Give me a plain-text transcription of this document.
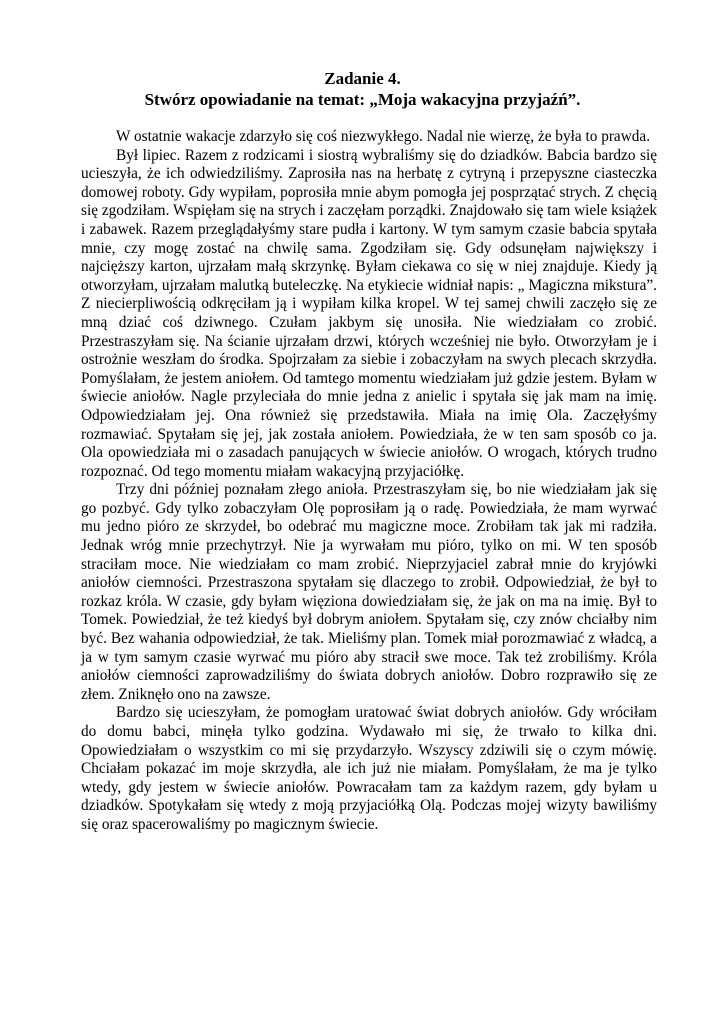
Zadanie 4.
Stwórz opowiadanie na temat: „Moja wakacyjna przyjaźń”.

W ostatnie wakacje zdarzyło się coś niezwykłego. Nadal nie wierzę, że była to prawda.

Był lipiec. Razem z rodzicami i siostrą wybraliśmy się do dziadków. Babcia bardzo się ucieszyła, że ich odwiedziliśmy. Zaprosiła nas na herbatę z cytryną i przepyszne ciasteczka domowej roboty. Gdy wypiłam, poprosiła mnie abym pomogła jej posprzątać strych. Z chęcią się zgodziłam. Wspięłam się na strych i zaczęłam porządki. Znajdowało się tam wiele książek i zabawek. Razem przeglądałyśmy stare pudła i kartony. W tym samym czasie babcia spytała mnie, czy mogę zostać na chwilę sama. Zgodziłam się. Gdy odsunęłam największy i najcięższy karton, ujrzałam małą skrzynkę. Byłam ciekawa co się w niej znajduje. Kiedy ją otworzyłam, ujrzałam malutką buteleczkę. Na etykiecie widniał napis: „ Magiczna mikstura”. Z niecierpliwością odkręciłam ją i wypiłam kilka kropel. W tej samej chwili zaczęło się ze mną dziać coś dziwnego. Czułam jakbym się unosiła. Nie wiedziałam co zrobić. Przestraszyłam się. Na ścianie ujrzałam drzwi, których wcześniej nie było. Otworzyłam je i ostrożnie weszłam do środka. Spojrzałam za siebie i zobaczyłam na swych plecach skrzydła. Pomyślałam, że jestem aniołem. Od tamtego momentu wiedziałam już gdzie jestem. Byłam w świecie aniołów. Nagle przyleciała do mnie jedna z anielic i spytała się jak mam na imię. Odpowiedziałam jej. Ona również się przedstawiła. Miała na imię Ola. Zaczęłyśmy rozmawiać. Spytałam się jej, jak została aniołem. Powiedziała, że w ten sam sposób co ja. Ola opowiedziała mi o zasadach panujących w świecie aniołów. O wrogach, których trudno rozpoznać. Od tego momentu miałam wakacyjną przyjaciółkę.

Trzy dni później poznałam złego anioła. Przestraszyłam się, bo nie wiedziałam jak się go pozbyć. Gdy tylko zobaczyłam Olę poprosiłam ją o radę. Powiedziała, że mam wyrwać mu jedno pióro ze skrzydeł, bo odebrać mu magiczne moce. Zrobiłam tak jak mi radziła. Jednak wróg mnie przechytrzył. Nie ja wyrwałam mu pióro, tylko on mi. W ten sposób straciłam moce. Nie wiedziałam co mam zrobić. Nieprzyjaciel zabrał mnie do kryjówki aniołów ciemności. Przestraszona spytałam się dlaczego to zrobił. Odpowiedział, że był to rozkaz króla. W czasie, gdy byłam więziona dowiedziałam się, że jak on ma na imię. Był to Tomek. Powiedział, że też kiedyś był dobrym aniołem. Spytałam się, czy znów chciałby nim być. Bez wahania odpowiedział, że tak. Mieliśmy plan. Tomek miał porozmawiać z władcą, a ja w tym samym czasie wyrwać mu pióro aby stracił swe moce. Tak też zrobiliśmy. Króla aniołów ciemności zaprowadziliśmy do świata dobrych aniołów. Dobro rozprawiło się ze złem. Zniknęło ono na zawsze.

Bardzo się ucieszyłam, że pomogłam uratować świat dobrych aniołów. Gdy wróciłam do domu babci, minęła tylko godzina. Wydawało mi się, że trwało to kilka dni. Opowiedziałam o wszystkim co mi się przydarzyło. Wszyscy zdziwili się o czym mówię. Chciałam pokazać im moje skrzydła, ale ich już nie miałam. Pomyślałam, że ma je tylko wtedy, gdy jestem w świecie aniołów. Powracałam tam za każdym razem, gdy byłam u dziadków. Spotykałam się wtedy z moją przyjaciółką Olą. Podczas mojej wizyty bawiliśmy się oraz spacerowaliśmy po magicznym świecie.
